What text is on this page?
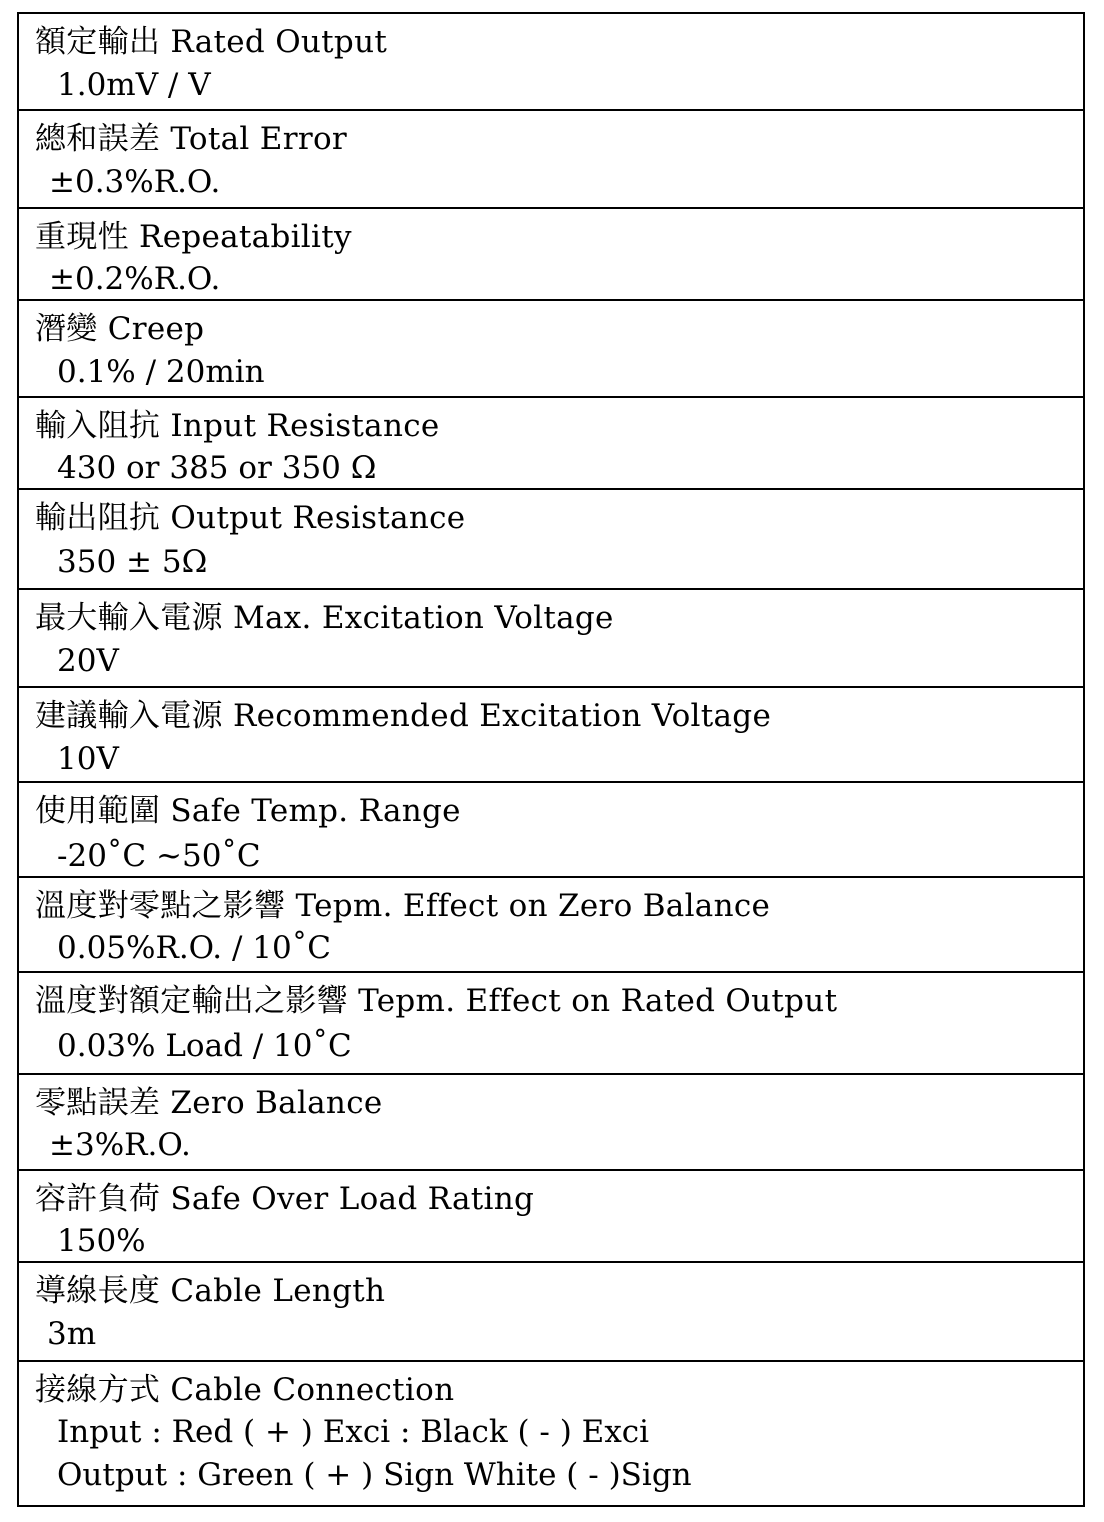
額定輸出 Rated Output
1.0mV / V
總和誤差 Total Error
±0.3%R.O.
重現性 Repeatability
±0.2%R.O.
潛變 Creep
0.1% / 20min
輸入阻抗 Input Resistance
430 or 385 or 350 Ω
輸出阻抗 Output Resistance
350 ± 5Ω
最大輸入電源 Max. Excitation Voltage
20V
建議輸入電源 Recommended Excitation Voltage
10V
使用範圍 Safe Temp. Range
-20˚C ~50˚C
溫度對零點之影響 Tepm. Effect on Zero Balance
0.05%R.O. / 10˚C
溫度對額定輸出之影響 Tepm. Effect on Rated Output
0.03% Load / 10˚C
零點誤差 Zero Balance
±3%R.O.
容許負荷 Safe Over Load Rating
150%
導線長度 Cable Length
3m
接線方式 Cable Connection
Input : Red ( + ) Exci : Black ( - ) Exci
Output : Green ( + ) Sign White ( - )Sign
